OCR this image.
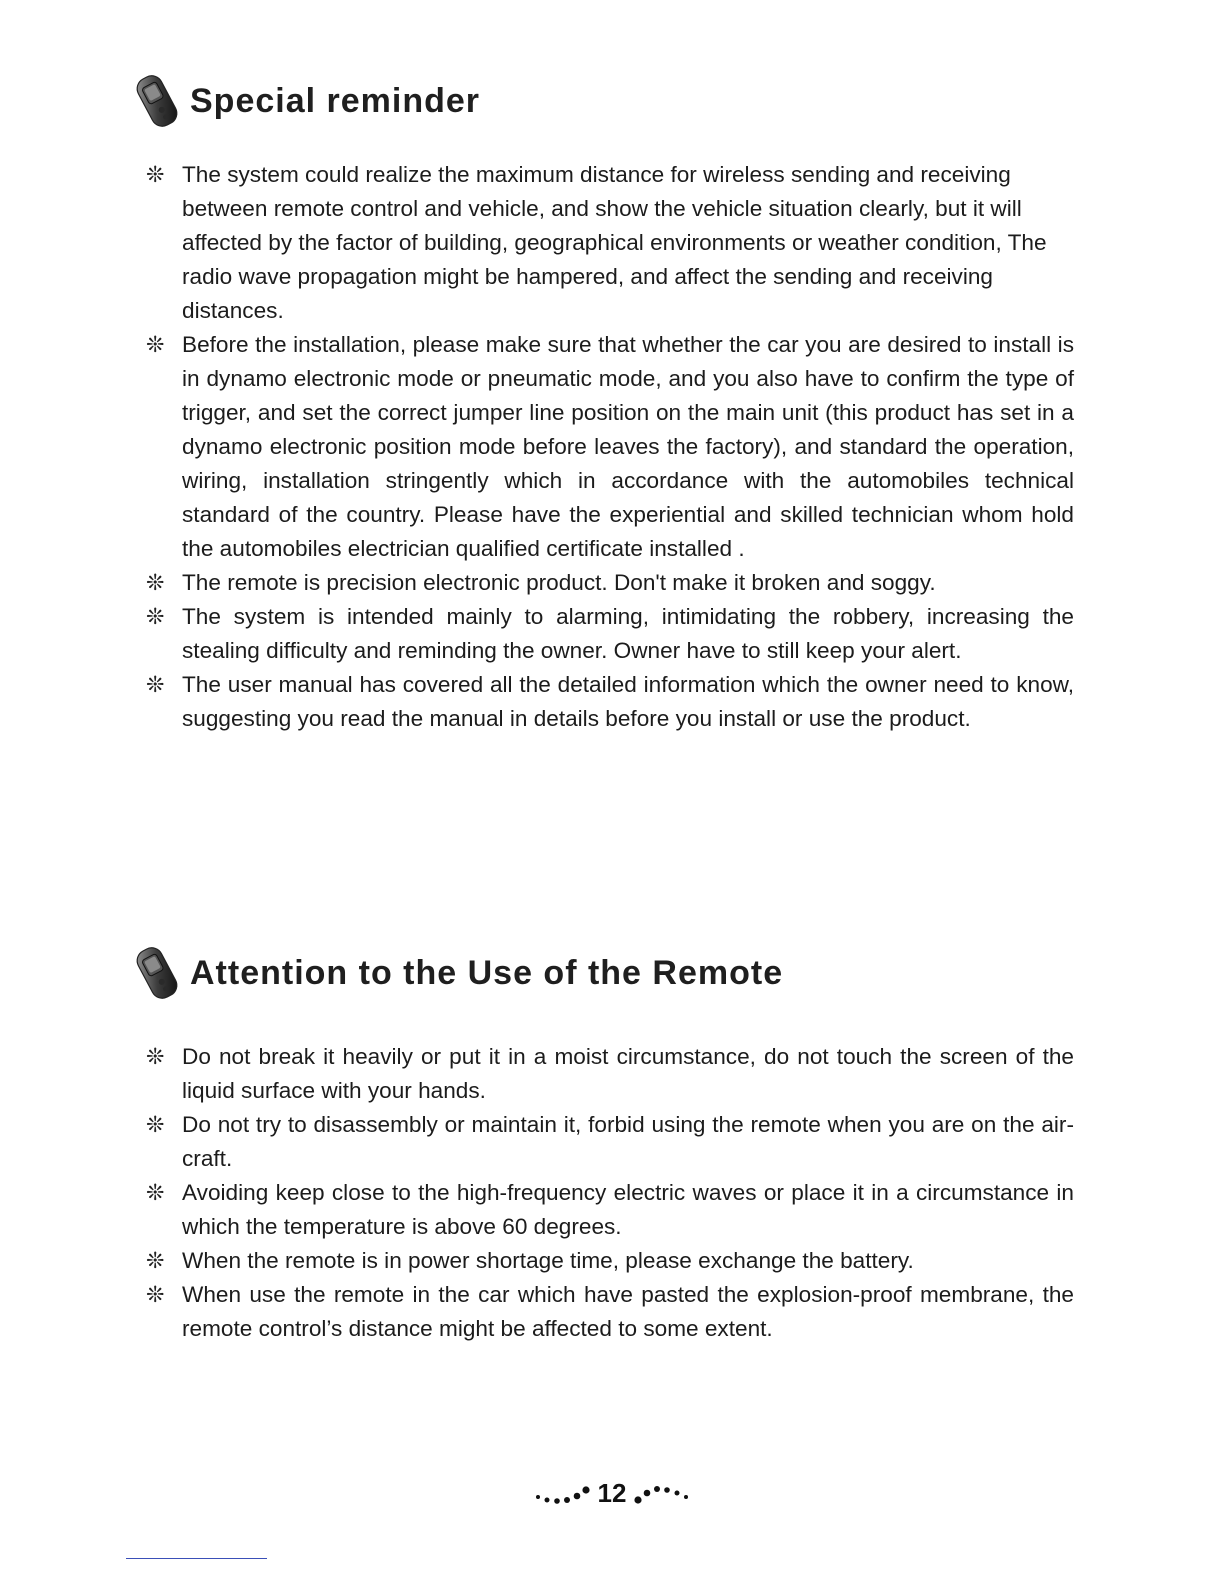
Special reminder
❊ The system could realize the maximum distance for wireless sending and receiving between remote control and vehicle, and show the vehicle situation clearly, but it will affected by the factor of building, geographical environments or weather condition, The radio wave propagation might be hampered, and affect the sending and receiving distances.
❊ Before the installation, please make sure that whether the car you are desired to install is in dynamo electronic mode or pneumatic mode, and you also have to confirm the type of trigger, and set the correct jumper line position on the main unit (this product has set in a dynamo electronic position mode before leaves the factory), and standard the operation, wiring, installation stringently which in accordance with the automobiles technical standard of the country. Please have the experiential and skilled technician whom hold the automobiles electrician qualified certificate installed .
❊ The remote is precision electronic product. Don't make it broken and soggy.
❊ The system is intended mainly to alarming, intimidating the robbery, increasing the stealing difficulty and reminding the owner. Owner have to still keep your alert.
❊ The user manual has covered all the detailed information which the owner need to know, suggesting you read the manual in details before you install or use the product.
Attention to the Use of the Remote
❊ Do not break it heavily or put it in a moist circumstance, do not touch the screen of the liquid surface with your hands.
❊ Do not try to disassembly or maintain it, forbid using the remote when you are on the air-craft.
❊ Avoiding keep close to the high-frequency electric waves or place it in a circumstance in which the temperature is above 60 degrees.
❊ When the remote is in power shortage time, please exchange the battery.
❊ When use the remote in the car which have pasted the explosion-proof membrane, the remote control’s distance might be affected to some extent.
12
